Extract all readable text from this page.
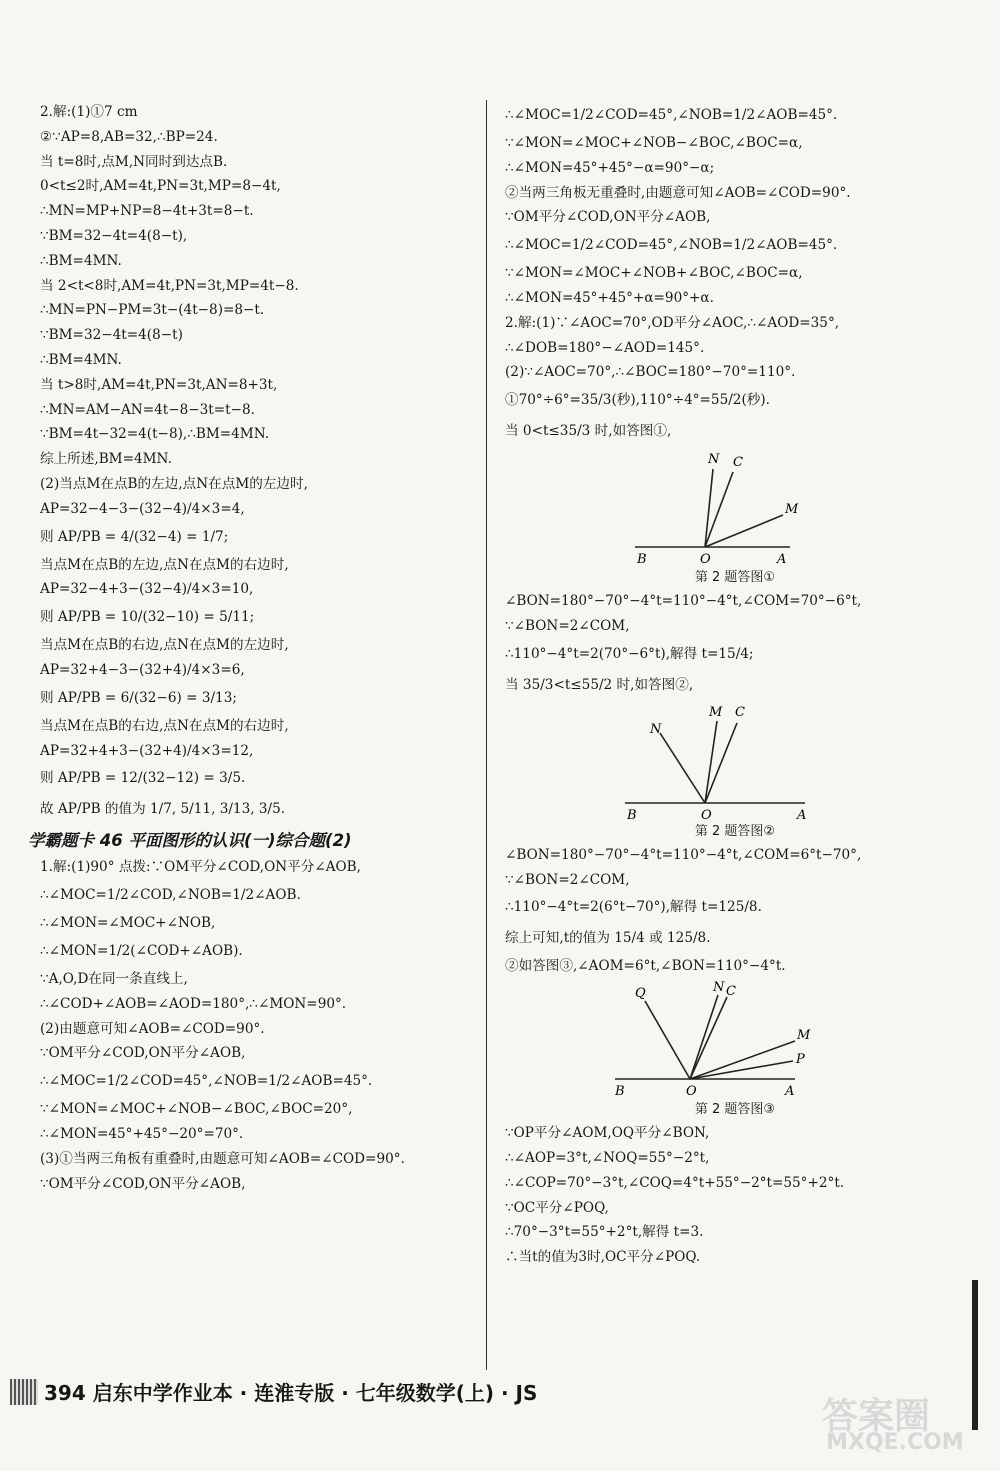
2.解:(1)①7 cm
②∵AP=8,AB=32,∴BP=24.
当 t=8时,点M,N同时到达点B.
0<t≤2时,AM=4t,PN=3t,MP=8−4t,
∴MN=MP+NP=8−4t+3t=8−t.
∵BM=32−4t=4(8−t),
∴BM=4MN.
当 2<t<8时,AM=4t,PN=3t,MP=4t−8.
∴MN=PN−PM=3t−(4t−8)=8−t.
∵BM=32−4t=4(8−t)
∴BM=4MN.
当 t>8时,AM=4t,PN=3t,AN=8+3t,
∴MN=AM−AN=4t−8−3t=t−8.
∵BM=4t−32=4(t−8),∴BM=4MN.
综上所述,BM=4MN.
(2)当点M在点B的左边,点N在点M的左边时,
AP=32−4−3−(32−4)/4×3=4,
则 AP/PB = 4/(32−4) = 1/7;
当点M在点B的左边,点N在点M的右边时,
AP=32−4+3−(32−4)/4×3=10,
则 AP/PB = 10/(32−10) = 5/11;
当点M在点B的右边,点N在点M的左边时,
AP=32+4−3−(32+4)/4×3=6,
则 AP/PB = 6/(32−6) = 3/13;
当点M在点B的右边,点N在点M的右边时,
AP=32+4+3−(32+4)/4×3=12,
则 AP/PB = 12/(32−12) = 3/5.
故 AP/PB 的值为 1/7, 5/11, 3/13, 3/5.
学霸题卡 46 平面图形的认识(一)综合题(2)
1.解:(1)90° 点拨:∵OM平分∠COD,ON平分∠AOB,
∴∠MOC=1/2∠COD,∠NOB=1/2∠AOB.
∴∠MON=∠MOC+∠NOB,
∴∠MON=1/2(∠COD+∠AOB).
∵A,O,D在同一条直线上,
∴∠COD+∠AOB=∠AOD=180°,∴∠MON=90°.
(2)由题意可知∠AOB=∠COD=90°.
∵OM平分∠COD,ON平分∠AOB,
∴∠MOC=1/2∠COD=45°,∠NOB=1/2∠AOB=45°.
∵∠MON=∠MOC+∠NOB−∠BOC,∠BOC=20°,
∴∠MON=45°+45°−20°=70°.
(3)①当两三角板有重叠时,由题意可知∠AOB=∠COD=90°.
∵OM平分∠COD,ON平分∠AOB,
∴∠MOC=1/2∠COD=45°,∠NOB=1/2∠AOB=45°.
∵∠MON=∠MOC+∠NOB−∠BOC,∠BOC=α,
∴∠MON=45°+45°−α=90°−α;
②当两三角板无重叠时,由题意可知∠AOB=∠COD=90°.
∵OM平分∠COD,ON平分∠AOB,
∴∠MOC=1/2∠COD=45°,∠NOB=1/2∠AOB=45°.
∵∠MON=∠MOC+∠NOB+∠BOC,∠BOC=α,
∴∠MON=45°+45°+α=90°+α.
2.解:(1)∵∠AOC=70°,OD平分∠AOC,∴∠AOD=35°,
∴∠DOB=180°−∠AOD=145°.
(2)∵∠AOC=70°,∴∠BOC=180°−70°=110°.
①70°÷6°=35/3(秒),110°÷4°=55/2(秒).
当 0<t≤35/3 时,如答图①,
B	O	A
N C
M
第 2 题答图①
∠BON=180°−70°−4°t=110°−4°t,∠COM=70°−6°t,
∵∠BON=2∠COM,
∴110°−4°t=2(70°−6°t),解得 t=15/4;
当 35/3<t≤55/2 时,如答图②,
B	O	A
N
M C
第 2 题答图②
∠BON=180°−70°−4°t=110°−4°t,∠COM=6°t−70°,
∵∠BON=2∠COM,
∴110°−4°t=2(6°t−70°),解得 t=125/8.
综上可知,t的值为 15/4 或 125/8.
②如答图③,∠AOM=6°t,∠BON=110°−4°t.
B	O	A
Q	N C
M
P
第 2 题答图③
∵OP平分∠AOM,OQ平分∠BON,
∴∠AOP=3°t,∠NOQ=55°−2°t,
∴∠COP=70°−3°t,∠COQ=4°t+55°−2°t=55°+2°t.
∵OC平分∠POQ,
∴70°−3°t=55°+2°t,解得 t=3.
∴当t的值为3时,OC平分∠POQ.
394 启东中学作业本 · 连淮专版 · 七年级数学(上) · JS
答案圈
MXQE.COM
